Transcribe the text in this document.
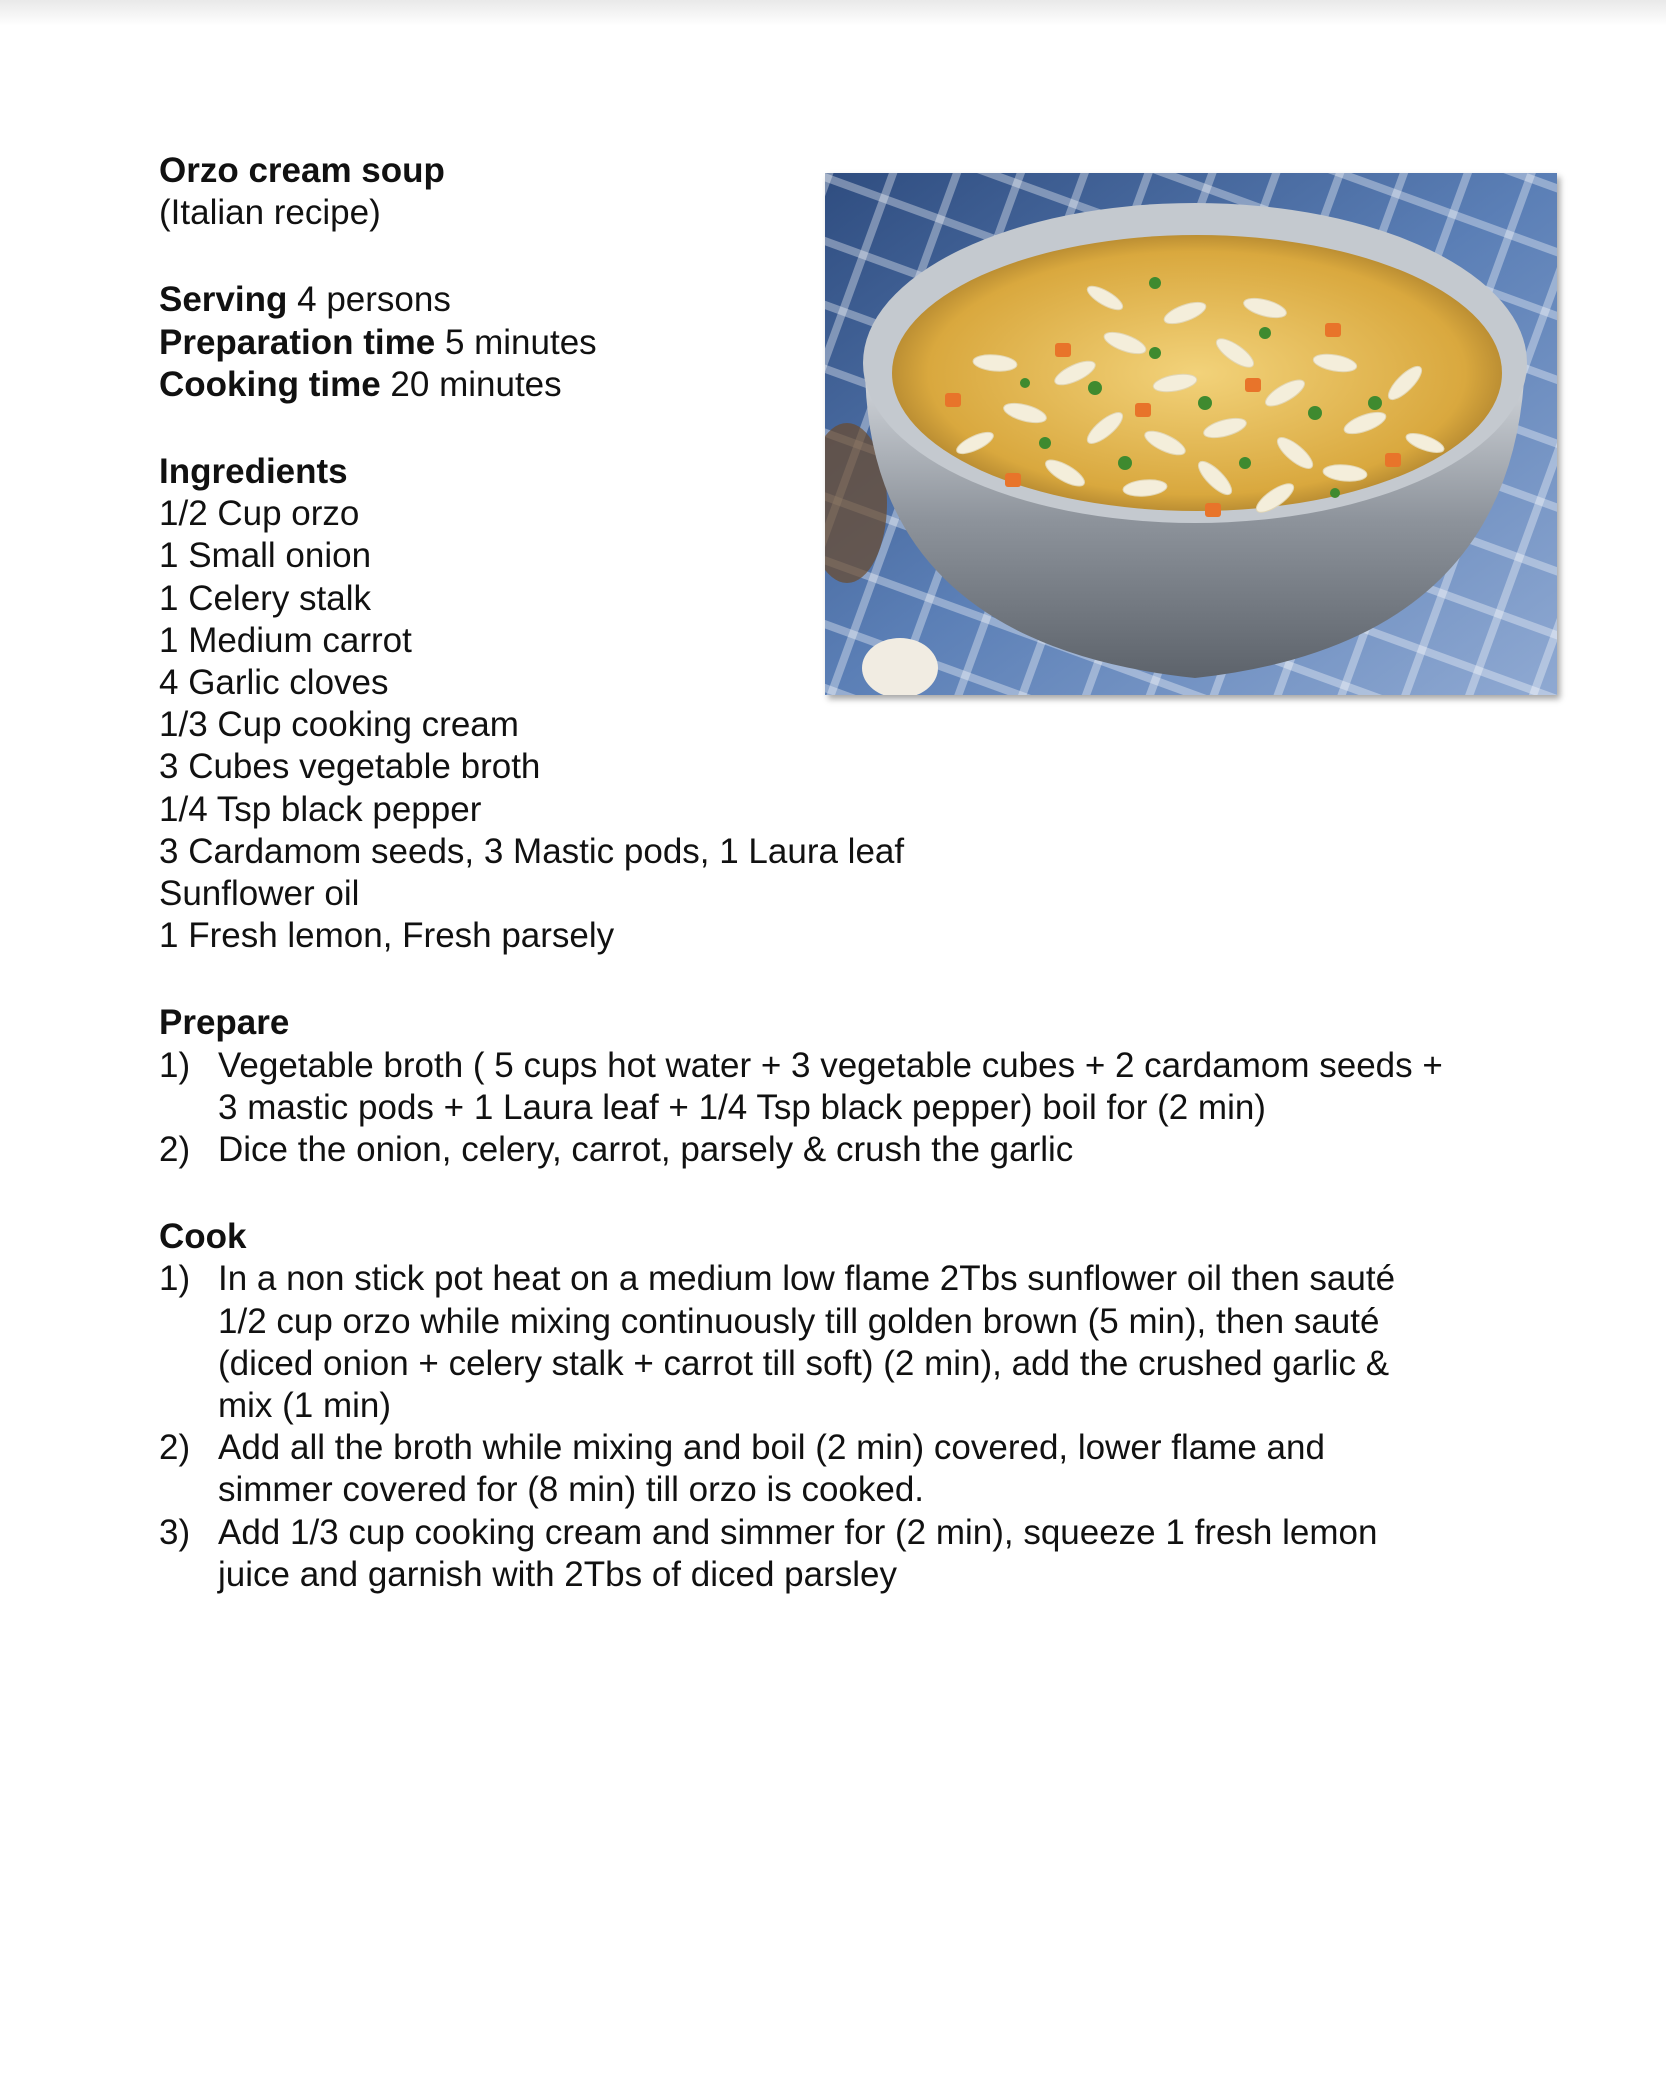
Orzo cream soup
(Italian recipe)
Serving 4 persons
Preparation time 5 minutes
Cooking time 20 minutes
Ingredients
1/2 Cup orzo
1 Small onion
1 Celery stalk
1 Medium carrot
4 Garlic cloves
1/3 Cup cooking cream
3 Cubes vegetable broth
1/4 Tsp black pepper
3 Cardamom seeds, 3 Mastic pods, 1 Laura leaf
Sunflower oil
1 Fresh lemon, Fresh parsely
Prepare
1) Vegetable broth ( 5 cups hot water + 3 vegetable cubes + 2 cardamom seeds +
3 mastic pods + 1 Laura leaf + 1/4 Tsp black pepper) boil for (2 min)
2) Dice the onion, celery, carrot, parsely & crush the garlic
Cook
1) In a non stick pot heat on a medium low flame 2Tbs sunflower oil then sauté
1/2 cup orzo while mixing continuously till golden brown (5 min), then sauté
(diced onion + celery stalk + carrot till soft) (2 min), add the crushed garlic &
mix (1 min)
2) Add all the broth while mixing and boil (2 min) covered, lower flame and
simmer covered for (8 min) till orzo is cooked.
3) Add 1/3 cup cooking cream and simmer for (2 min), squeeze 1 fresh lemon
juice and garnish with 2Tbs of diced parsley
